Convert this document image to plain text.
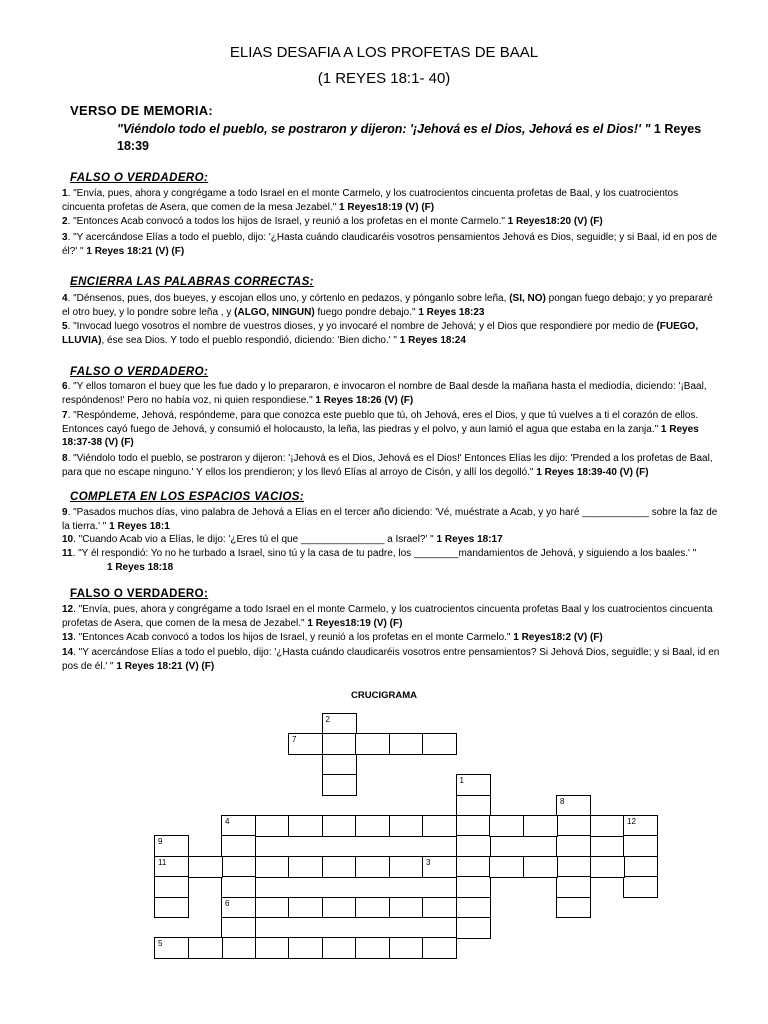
ELIAS DESAFIA A LOS PROFETAS DE BAAL
(1 REYES 18:1- 40)
VERSO DE MEMORIA:
"Viéndolo todo el pueblo, se postraron y dijeron: '¡Jehová es el Dios, Jehová es el Dios!' " 1 Reyes 18:39
FALSO O VERDADERO:
1. "Envía, pues, ahora y congrégame a todo Israel en el monte Carmelo, y los cuatrocientos cincuenta profetas de Baal, y los cuatrocientos cincuenta profetas de Asera, que comen de la mesa Jezabel." 1 Reyes18:19 (V) (F)
2. "Entonces Acab convocó a todos los hijos de Israel, y reunió a los profetas en el monte Carmelo." 1 Reyes18:20 (V) (F)
3. "Y acercándose Elías a todo el pueblo, dijo: '¿Hasta cuándo claudicaréis vosotros pensamientos Jehová es Dios, seguidle; y si Baal, id en pos de él?' " 1 Reyes 18:21 (V) (F)
ENCIERRA LAS PALABRAS CORRECTAS:
4. "Dénsenos, pues, dos bueyes, y escojan ellos uno, y córtenlo en pedazos, y pónganlo sobre leña, (SI, NO) pongan fuego debajo; y yo prepararé el otro buey, y lo pondre sobre leña , y (ALGO, NINGUN) fuego pondre debajo." 1 Reyes 18:23
5. "Invocad luego vosotros el nombre de vuestros dioses, y yo invocaré el nombre de Jehová; y el Dios que respondiere por medio de (FUEGO, LLUVIA), ése sea Dios. Y todo el pueblo respondió, diciendo: 'Bien dicho.' " 1 Reyes 18:24
FALSO O VERDADERO:
6. "Y ellos tomaron el buey que les fue dado y lo prepararon, e invocaron el nombre de Baal desde la mañana hasta el mediodía, diciendo: '¡Baal, respóndenos!' Pero no había voz, ni quien respondiese." 1 Reyes 18:26 (V) (F)
7. "Respóndeme, Jehová, respóndeme, para que conozca este pueblo que tú, oh Jehová, eres el Dios, y que tú vuelves a ti el corazón de ellos. Entonces cayó fuego de Jehová, y consumió el holocausto, la leña, las piedras y el polvo, y aun lamió el agua que estaba en la zanja." 1 Reyes 18:37-38 (V) (F)
8. "Viéndolo todo el pueblo, se postraron y dijeron: '¡Jehová es el Dios, Jehová es el Dios!' Entonces Elías les dijo: 'Prended a los profetas de Baal, para que no escape ninguno.' Y ellos los prendieron; y los llevó Elías al arroyo de Cisón, y allí los degolló." 1 Reyes 18:39-40 (V) (F)
COMPLETA EN LOS ESPACIOS VACIOS:
9. "Pasados muchos días, vino palabra de Jehová a Elías en el tercer año diciendo: 'Vé, muéstrate a Acab, y yo haré ____________ sobre la faz de la tierra.' " 1 Reyes 18:1
10. "Cuando Acab vio a Elías, le dijo: '¿Eres tú el que _______________ a Israel?' " 1 Reyes 18:17
11. "Y él respondió: Yo no he turbado a Israel, sino tú y la casa de tu padre, los ________mandamientos de Jehová, y siguiendo a los baales.' "
1 Reyes 18:18
FALSO O VERDADERO:
12. "Envía, pues, ahora y congrégame a todo Israel en el monte Carmelo, y los cuatrocientos cincuenta profetas Baal y los cuatrocientos cincuenta profetas de Asera, que comen de la mesa de Jezabel." 1 Reyes18:19 (V) (F)
13. "Entonces Acab convocó a todos los hijos de Israel, y reunió a los profetas en el monte Carmelo." 1 Reyes18:2 (V) (F)
14. "Y acercándose Elías a todo el pueblo, dijo: '¿Hasta cuándo claudicaréis vosotros entre pensamientos? Si Jehová Dios, seguidle; y si Baal, id en pos de él.' " 1 Reyes 18:21 (V) (F)
CRUCIGRAMA
2
7
1
8
4	12
9
11
6
3
5
